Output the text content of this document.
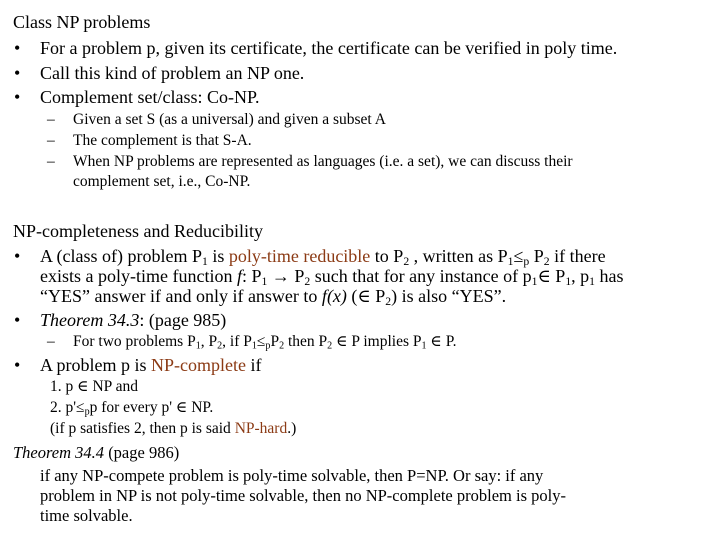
Class NP problems
• For a problem p, given its certificate, the certificate can be verified in poly time.
• Call this kind of problem an NP one.
• Complement set/class: Co-NP.
– Given a set S (as a universal) and given a subset A
– The complement is that S-A.
– When NP problems are represented as languages (i.e. a set), we can discuss their
complement set, i.e., Co-NP.
NP-completeness and Reducibility
• A (class of) problem $P_1$ is poly-time reducible to $P_2$ , written as $P_1\le_p$ $P_2$ if there
exists a poly-time function f: $P_1 \to P_2$ such that for any instance of $p_1\in$ $P_1$, $p_1$ has
“YES” answer if and only if answer to f(x) (∈ $P_2$) is also “YES”.
• Theorem 34.3: (page 985)
– For two problems $P_1$, $P_2$, if $P_1\le_pP_2$ then $P_2$ ∈ P implies $P_1$ ∈ P.
• A problem p is NP-complete if
1. p ∈ NP and
2. $p'\le_pp$ for every p' ∈ NP.
(if p satisfies 2, then p is said NP-hard.)
Theorem 34.4 (page 986)
if any NP-compete problem is poly-time solvable, then P=NP. Or say: if any
problem in NP is not poly-time solvable, then no NP-complete problem is poly-
time solvable.
